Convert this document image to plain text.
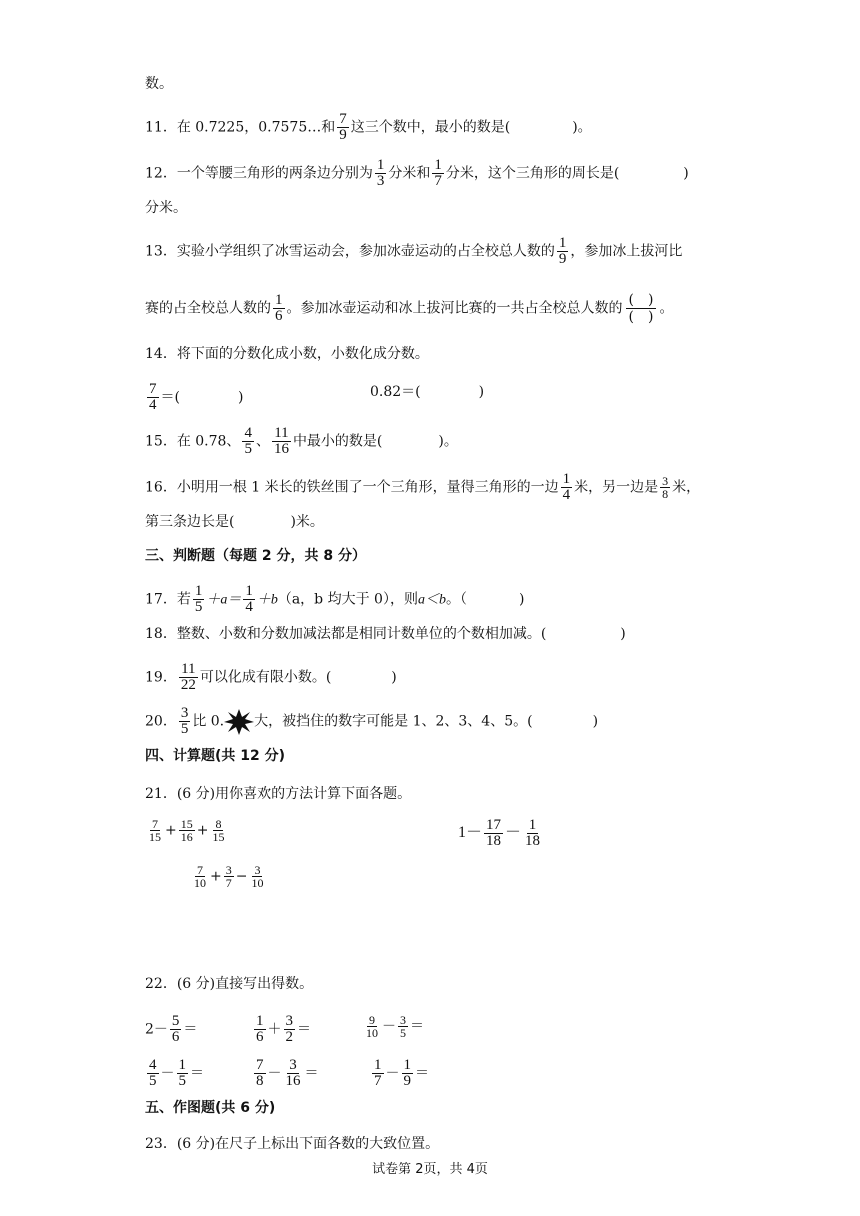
数。
11．在 0.7225，0.7575…和 $\frac{7}{9}$ 这三个数中，最小的数是(	)。
12．一个等腰三角形的两条边分别为 $\frac{1}{3}$ 分米和 $\frac{1}{7}$ 分米，这个三角形的周长是(	)
分米。
13．实验小学组织了冰雪运动会，参加冰壶运动的占全校总人数的 $\frac{1}{9}$ ，参加冰上拔河比
赛的占全校总人数的 $\frac{1}{6}$ 。参加冰壶运动和冰上拔河比赛的一共占全校总人数的
(　)
(　)
。
14．将下面的分数化成小数，小数化成分数。
$\frac{7}{4}$ ＝(	)	0.82＝(	)
15．在 0.78、 $\frac{4}{5}$ 、 $\frac{11}{16}$ 中最小的数是(	)。
16．小明用一根 1 米长的铁丝围了一个三角形，量得三角形的一边 $\frac{1}{4}$ 米，另一边是 $\frac{3}{8}$ 米，
第三条边长是(	)米。
三、判断题（每题 2 分，共 8 分）
17．若 $\frac{1}{5} +a= \frac{1}{4} +b(a$，b 均大于 0），则a＜b。（	)
18．整数、小数和分数加减法都是相同计数单位的个数相加减。(	)
19． $\frac{11}{22}$ 可以化成有限小数。(	)
20． $\frac{3}{5}$ 比 0. 大，被挡住的数字可能是 1、2、3、4、5。(	)
四、计算题(共 12 分)
21．(6 分)用你喜欢的方法计算下面各题。
$\frac{7}{15} + \frac{15}{16} + \frac{8}{15}$	$1- \frac{17}{18} - \frac{1}{18}$
$\frac{7}{10} + \frac{3}{7} - \frac{3}{10}$
22．(6 分)直接写出得数。
$2- \frac{5}{6}$ ＝	$\frac{1}{6} + \frac{3}{2}$ ＝	$\frac{9}{10} - \frac{3}{5}$ ＝
$\frac{4}{5} - \frac{1}{5}$ ＝	$\frac{7}{8} - \frac{3}{16}$ ＝	$\frac{1}{7} - \frac{1}{9}$ ＝
五、作图题(共 6 分)
23．(6 分)在尺子上标出下面各数的大致位置。
试卷第 2页，共 4页
